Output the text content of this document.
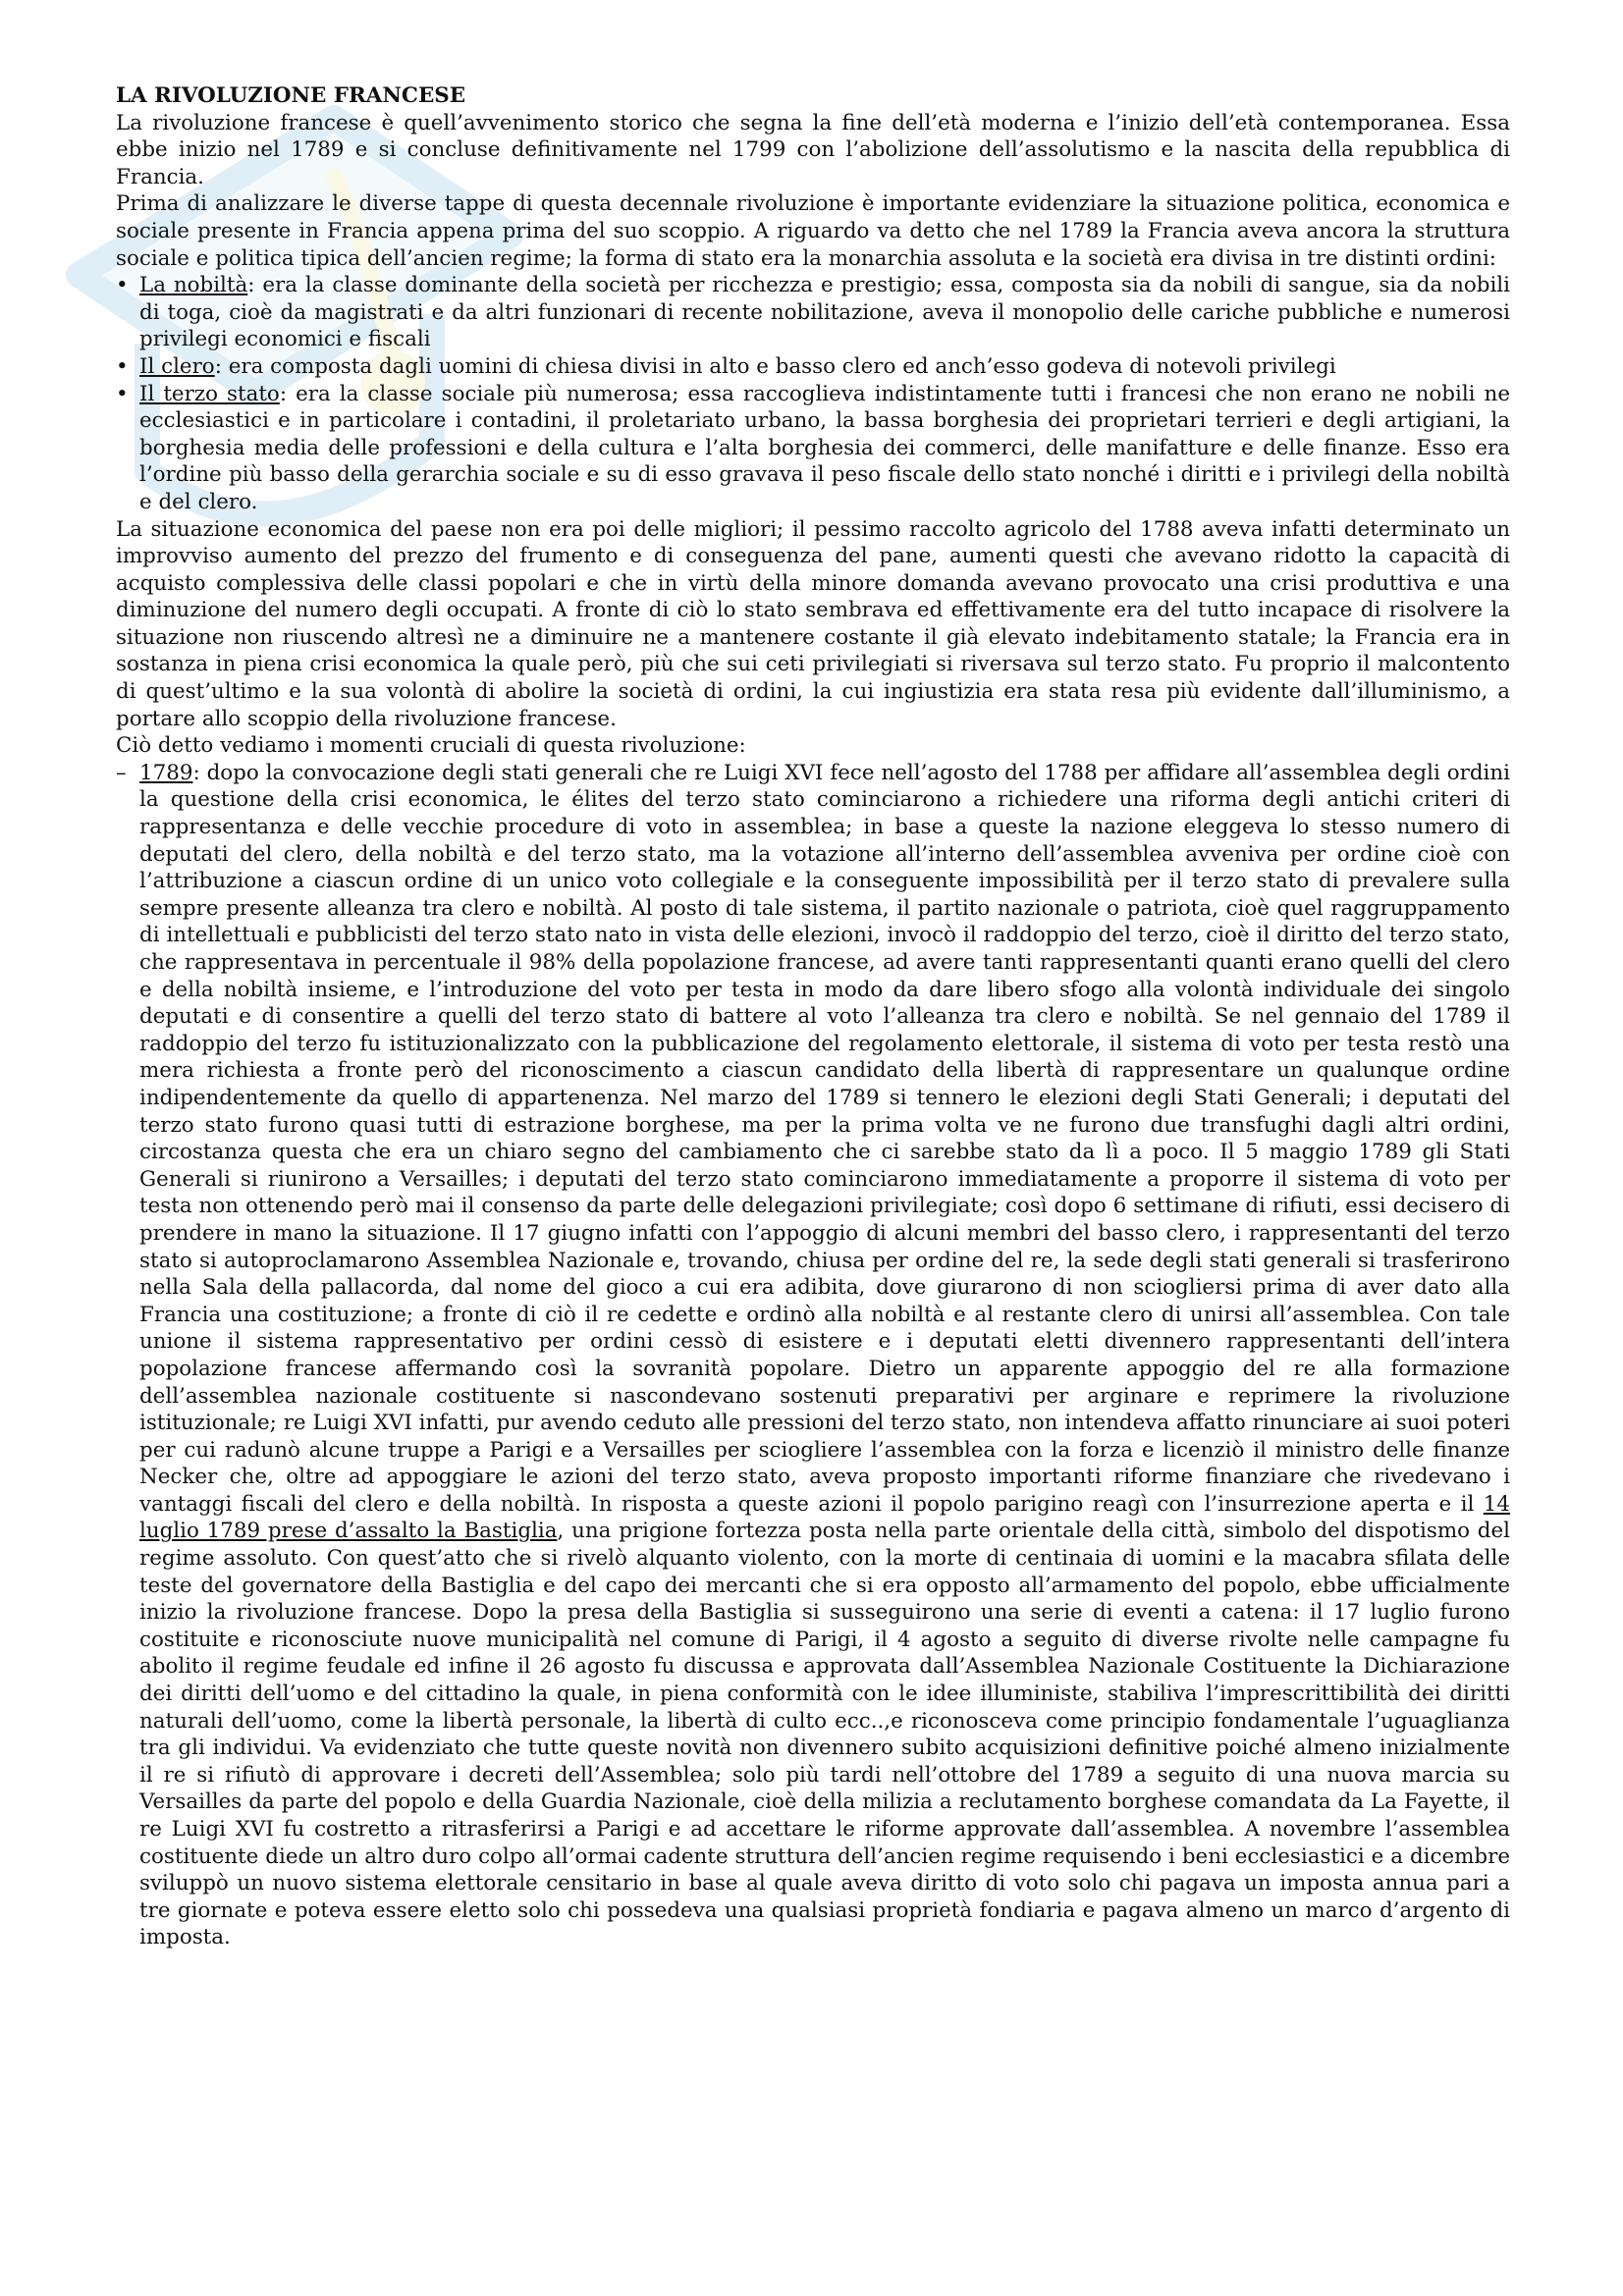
LA RIVOLUZIONE FRANCESE

La rivoluzione francese è quell’avvenimento storico che segna la fine dell’età moderna e l’inizio dell’età contemporanea. Essa ebbe inizio nel 1789 e si concluse definitivamente nel 1799 con l’abolizione dell’assolutismo e la nascita della repubblica di Francia.

Prima di analizzare le diverse tappe di questa decennale rivoluzione è importante evidenziare la situazione politica, economica e sociale presente in Francia appena prima del suo scoppio. A riguardo va detto che nel 1789 la Francia aveva ancora la struttura sociale e politica tipica dell’ancien regime; la forma di stato era la monarchia assoluta e la società era divisa in tre distinti ordini:

• La nobiltà: era la classe dominante della società per ricchezza e prestigio; essa, composta sia da nobili di sangue, sia da nobili di toga, cioè da magistrati e da altri funzionari di recente nobilitazione, aveva il monopolio delle cariche pubbliche e numerosi privilegi economici e fiscali
• Il clero: era composta dagli uomini di chiesa divisi in alto e basso clero ed anch’esso godeva di notevoli privilegi
• Il terzo stato: era la classe sociale più numerosa; essa raccoglieva indistintamente tutti i francesi che non erano ne nobili ne ecclesiastici e in particolare i contadini, il proletariato urbano, la bassa borghesia dei proprietari terrieri e degli artigiani, la borghesia media delle professioni e della cultura e l’alta borghesia dei commerci, delle manifatture e delle finanze. Esso era l’ordine più basso della gerarchia sociale e su di esso gravava il peso fiscale dello stato nonché i diritti e i privilegi della nobiltà e del clero.

La situazione economica del paese non era poi delle migliori; il pessimo raccolto agricolo del 1788 aveva infatti determinato un improvviso aumento del prezzo del frumento e di conseguenza del pane, aumenti questi che avevano ridotto la capacità di acquisto complessiva delle classi popolari e che in virtù della minore domanda avevano provocato una crisi produttiva e una diminuzione del numero degli occupati. A fronte di ciò lo stato sembrava ed effettivamente era del tutto incapace di risolvere la situazione non riuscendo altresì ne a diminuire ne a mantenere costante il già elevato indebitamento statale; la Francia era in sostanza in piena crisi economica la quale però, più che sui ceti privilegiati si riversava sul terzo stato. Fu proprio il malcontento di quest’ultimo e la sua volontà di abolire la società di ordini, la cui ingiustizia era stata resa più evidente dall’illuminismo, a portare allo scoppio della rivoluzione francese.

Ciò detto vediamo i momenti cruciali di questa rivoluzione:

– 1789: dopo la convocazione degli stati generali che re Luigi XVI fece nell’agosto del 1788 per affidare all’assemblea degli ordini la questione della crisi economica, le élites del terzo stato cominciarono a richiedere una riforma degli antichi criteri di rappresentanza e delle vecchie procedure di voto in assemblea; in base a queste la nazione eleggeva lo stesso numero di deputati del clero, della nobiltà e del terzo stato, ma la votazione all’interno dell’assemblea avveniva per ordine cioè con l’attribuzione a ciascun ordine di un unico voto collegiale e la conseguente impossibilità per il terzo stato di prevalere sulla sempre presente alleanza tra clero e nobiltà. Al posto di tale sistema, il partito nazionale o patriota, cioè quel raggruppamento di intellettuali e pubblicisti del terzo stato nato in vista delle elezioni, invocò il raddoppio del terzo, cioè il diritto del terzo stato, che rappresentava in percentuale il 98% della popolazione francese, ad avere tanti rappresentanti quanti erano quelli del clero e della nobiltà insieme, e l’introduzione del voto per testa in modo da dare libero sfogo alla volontà individuale dei singolo deputati e di consentire a quelli del terzo stato di battere al voto l’alleanza tra clero e nobiltà. Se nel gennaio del 1789 il raddoppio del terzo fu istituzionalizzato con la pubblicazione del regolamento elettorale, il sistema di voto per testa restò una mera richiesta a fronte però del riconoscimento a ciascun candidato della libertà di rappresentare un qualunque ordine indipendentemente da quello di appartenenza. Nel marzo del 1789 si tennero le elezioni degli Stati Generali; i deputati del terzo stato furono quasi tutti di estrazione borghese, ma per la prima volta ve ne furono due transfughi dagli altri ordini, circostanza questa che era un chiaro segno del cambiamento che ci sarebbe stato da lì a poco. Il 5 maggio 1789 gli Stati Generali si riunirono a Versailles; i deputati del terzo stato cominciarono immediatamente a proporre il sistema di voto per testa non ottenendo però mai il consenso da parte delle delegazioni privilegiate; così dopo 6 settimane di rifiuti, essi decisero di prendere in mano la situazione. Il 17 giugno infatti con l’appoggio di alcuni membri del basso clero, i rappresentanti del terzo stato si autoproclamarono Assemblea Nazionale e, trovando, chiusa per ordine del re, la sede degli stati generali si trasferirono nella Sala della pallacorda, dal nome del gioco a cui era adibita, dove giurarono di non sciogliersi prima di aver dato alla Francia una costituzione; a fronte di ciò il re cedette e ordinò alla nobiltà e al restante clero di unirsi all’assemblea. Con tale unione il sistema rappresentativo per ordini cessò di esistere e i deputati eletti divennero rappresentanti dell’intera popolazione francese affermando così la sovranità popolare. Dietro un apparente appoggio del re alla formazione dell’assemblea nazionale costituente si nascondevano sostenuti preparativi per arginare e reprimere la rivoluzione istituzionale; re Luigi XVI infatti, pur avendo ceduto alle pressioni del terzo stato, non intendeva affatto rinunciare ai suoi poteri per cui radunò alcune truppe a Parigi e a Versailles per sciogliere l’assemblea con la forza e licenziò il ministro delle finanze Necker che, oltre ad appoggiare le azioni del terzo stato, aveva proposto importanti riforme finanziare che rivedevano i vantaggi fiscali del clero e della nobiltà. In risposta a queste azioni il popolo parigino reagì con l’insurrezione aperta e il 14 luglio 1789 prese d’assalto la Bastiglia, una prigione fortezza posta nella parte orientale della città, simbolo del dispotismo del regime assoluto. Con quest’atto che si rivelò alquanto violento, con la morte di centinaia di uomini e la macabra sfilata delle teste del governatore della Bastiglia e del capo dei mercanti che si era opposto all’armamento del popolo, ebbe ufficialmente inizio la rivoluzione francese. Dopo la presa della Bastiglia si susseguirono una serie di eventi a catena: il 17 luglio furono costituite e riconosciute nuove municipalità nel comune di Parigi, il 4 agosto a seguito di diverse rivolte nelle campagne fu abolito il regime feudale ed infine il 26 agosto fu discussa e approvata dall’Assemblea Nazionale Costituente la Dichiarazione dei diritti dell’uomo e del cittadino la quale, in piena conformità con le idee illuministe, stabiliva l’imprescrittibilità dei diritti naturali dell’uomo, come la libertà personale, la libertà di culto ecc..,e riconosceva come principio fondamentale l’uguaglianza tra gli individui. Va evidenziato che tutte queste novità non divennero subito acquisizioni definitive poiché almeno inizialmente il re si rifiutò di approvare i decreti dell’Assemblea; solo più tardi nell’ottobre del 1789 a seguito di una nuova marcia su Versailles da parte del popolo e della Guardia Nazionale, cioè della milizia a reclutamento borghese comandata da La Fayette, il re Luigi XVI fu costretto a ritrasferirsi a Parigi e ad accettare le riforme approvate dall’assemblea. A novembre l’assemblea costituente diede un altro duro colpo all’ormai cadente struttura dell’ancien regime requisendo i beni ecclesiastici e a dicembre sviluppò un nuovo sistema elettorale censitario in base al quale aveva diritto di voto solo chi pagava un imposta annua pari a tre giornate e poteva essere eletto solo chi possedeva una qualsiasi proprietà fondiaria e pagava almeno un marco d’argento di imposta.
